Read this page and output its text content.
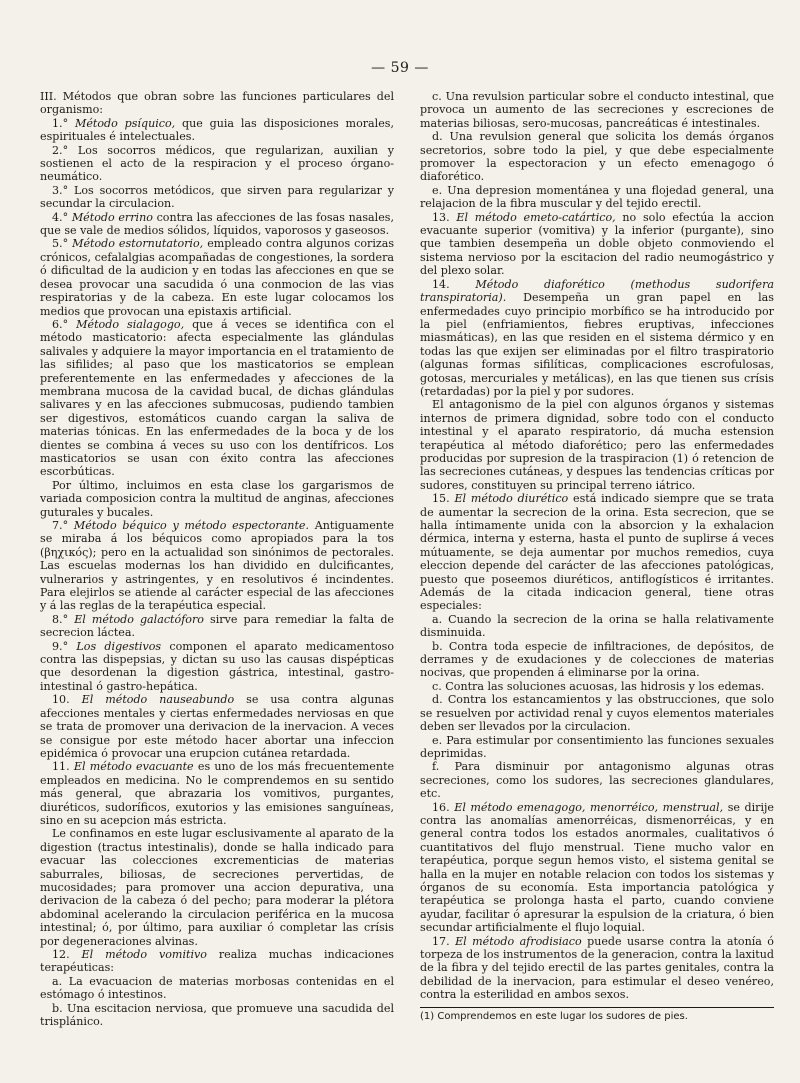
— 59 —

III. Métodos que obran sobre las funciones particulares del organismo:

1.° Método psíquico, que guia las disposiciones morales, espirituales é intelectuales.

2.° Los socorros médicos, que regularizan, auxilian y sostienen el acto de la respiracion y el proceso órgano-neumático.

3.° Los socorros metódicos, que sirven para regularizar y secundar la circulacion.

4.° Método errino contra las afecciones de las fosas nasales, que se vale de medios sólidos, líquidos, vaporosos y gaseosos.

5.° Método estornutatorio, empleado contra algunos corizas crónicos, cefalalgias acompañadas de congestiones, la sordera ó dificultad de la audicion y en todas las afecciones en que se desea provocar una sacudida ó una conmocion de las vias respiratorias y de la cabeza. En este lugar colocamos los medios que provocan una epistaxis artificial.

6.° Método sialagogo, que á veces se identifica con el método masticatorio: afecta especialmente las glándulas salivales y adquiere la mayor importancia en el tratamiento de las sifilides; al paso que los masticatorios se emplean preferentemente en las enfermedades y afecciones de la membrana mucosa de la cavidad bucal, de dichas glándulas salivares y en las afecciones submucosas, pudiendo tambien ser digestivos, estomáticos cuando cargan la saliva de materias tónicas. En las enfermedades de la boca y de los dientes se combina á veces su uso con los dentífricos. Los masticatorios se usan con éxito contra las afecciones escorbúticas.

Por último, incluimos en esta clase los gargarismos de variada composicion contra la multitud de anginas, afecciones guturales y bucales.

7.° Método béquico y método espectorante. Antiguamente se miraba á los béquicos como apropiados para la tos (βηχικός); pero en la actualidad son sinónimos de pectorales. Las escuelas modernas los han dividido en dulcificantes, vulnerarios y astringentes, y en resolutivos é incindentes. Para elejirlos se atiende al carácter especial de las afecciones y á las reglas de la terapéutica especial.

8.° El método galactóforo sirve para remediar la falta de secrecion láctea.

9.° Los digestivos componen el aparato medicamentoso contra las dispepsias, y dictan su uso las causas dispépticas que desordenan la digestion gástrica, intestinal, gastro-intestinal ó gastro-hepática.

10. El método nauseabundo se usa contra algunas afecciones mentales y ciertas enfermedades nerviosas en que se trata de promover una derivacion de la inervacion. A veces se consigue por este método hacer abortar una infeccion epidémica ó provocar una erupcion cutánea retardada.

11. El método evacuante es uno de los más frecuentemente empleados en medicina. No le comprendemos en su sentido más general, que abrazaria los vomitivos, purgantes, diuréticos, sudoríficos, exutorios y las emisiones sanguíneas, sino en su acepcion más estricta.

Le confinamos en este lugar esclusivamente al aparato de la digestion (tractus intestinalis), donde se halla indicado para evacuar las colecciones excrementicias de materias saburrales, biliosas, de secreciones pervertidas, de mucosidades; para promover una accion depurativa, una derivacion de la cabeza ó del pecho; para moderar la plétora abdominal acelerando la circulacion periférica en la mucosa intestinal; ó, por último, para auxiliar ó completar las crísis por degeneraciones alvinas.

12. El método vomitivo realiza muchas indicaciones terapéuticas:

a. La evacuacion de materias morbosas contenidas en el estómago ó intestinos.

b. Una escitacion nerviosa, que promueve una sacudida del trisplánico.

c. Una revulsion particular sobre el conducto intestinal, que provoca un aumento de las secreciones y escreciones de materias biliosas, sero-mucosas, pancreáticas é intestinales.

d. Una revulsion general que solicita los demás órganos secretorios, sobre todo la piel, y que debe especialmente promover la espectoracion y un efecto emenagogo ó diaforético.

e. Una depresion momentánea y una flojedad general, una relajacion de la fibra muscular y del tejido erectil.

13. El método emeto-catártico, no solo efectúa la accion evacuante superior (vomitiva) y la inferior (purgante), sino que tambien desempeña un doble objeto conmoviendo el sistema nervioso por la escitacion del radio neumogástrico y del plexo solar.

14. Método diaforético (methodus sudorifera transpiratoria). Desempeña un gran papel en las enfermedades cuyo principio morbífico se ha introducido por la piel (enfriamientos, fiebres eruptivas, infecciones miasmáticas), en las que residen en el sistema dérmico y en todas las que exijen ser eliminadas por el filtro traspiratorio (algunas formas sifilíticas, complicaciones escrofulosas, gotosas, mercuriales y metálicas), en las que tienen sus crísis (retardadas) por la piel y por sudores.

El antagonismo de la piel con algunos órganos y sistemas internos de primera dignidad, sobre todo con el conducto intestinal y el aparato respiratorio, dá mucha estension terapéutica al método diaforético; pero las enfermedades producidas por supresion de la traspiracion (1) ó retencion de las secreciones cutáneas, y despues las tendencias críticas por sudores, constituyen su principal terreno iátrico.

15. El método diurético está indicado siempre que se trata de aumentar la secrecion de la orina. Esta secrecion, que se halla íntimamente unida con la absorcion y la exhalacion dérmica, interna y esterna, hasta el punto de suplirse á veces mútuamente, se deja aumentar por muchos remedios, cuya eleccion depende del carácter de las afecciones patológicas, puesto que poseemos diuréticos, antiflogísticos é irritantes. Además de la citada indicacion general, tiene otras especiales:

a. Cuando la secrecion de la orina se halla relativamente disminuida.

b. Contra toda especie de infiltraciones, de depósitos, de derrames y de exudaciones y de colecciones de materias nocivas, que propenden á eliminarse por la orina.

c. Contra las soluciones acuosas, las hidrosis y los edemas.

d. Contra los estancamientos y las obstrucciones, que solo se resuelven por actividad renal y cuyos elementos materiales deben ser llevados por la circulacion.

e. Para estimular por consentimiento las funciones sexuales deprimidas.

f. Para disminuir por antagonismo algunas otras secreciones, como los sudores, las secreciones glandulares, etc.

16. El método emenagogo, menorréico, menstrual, se dirije contra las anomalías amenorréicas, dismenorréicas, y en general contra todos los estados anormales, cualitativos ó cuantitativos del flujo menstrual. Tiene mucho valor en terapéutica, porque segun hemos visto, el sistema genital se halla en la mujer en notable relacion con todos los sistemas y órganos de su economía. Esta importancia patológica y terapéutica se prolonga hasta el parto, cuando conviene ayudar, facilitar ó apresurar la espulsion de la criatura, ó bien secundar artificialmente el flujo loquial.

17. El método afrodisiaco puede usarse contra la atonía ó torpeza de los instrumentos de la generacion, contra la laxitud de la fibra y del tejido erectil de las partes genitales, contra la debilidad de la inervacion, para estimular el deseo venéreo, contra la esterilidad en ambos sexos.

(1) Comprendemos en este lugar los sudores de pies.
